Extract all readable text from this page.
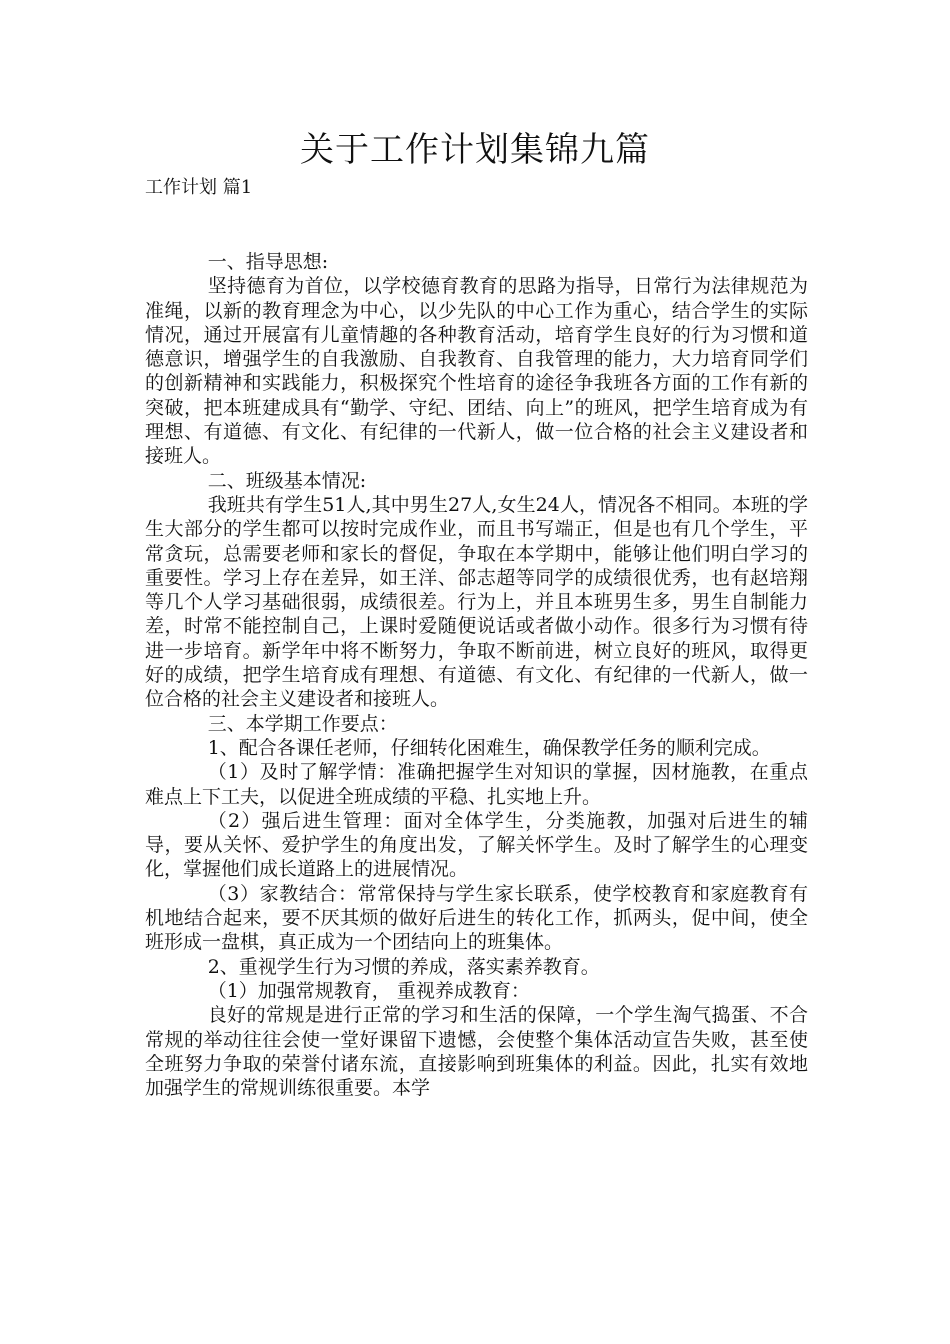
关于工作计划集锦九篇
工作计划 篇1

一、指导思想:

坚持德育为首位，以学校德育教育的思路为指导，日常行为法律规范为准绳，以新的教育理念为中心，以少先队的中心工作为重心，结合学生的实际情况，通过开展富有儿童情趣的各种教育活动，培育学生良好的行为习惯和道德意识，增强学生的自我激励、自我教育、自我管理的能力，大力培育同学们的创新精神和实践能力，积极探究个性培育的途径争我班各方面的工作有新的突破，把本班建成具有“勤学、守纪、团结、向上”的班风，把学生培育成为有理想、有道德、有文化、有纪律的一代新人，做一位合格的社会主义建设者和接班人。

二、班级基本情况:

我班共有学生51人,其中男生27人,女生24人，情况各不相同。本班的学生大部分的学生都可以按时完成作业，而且书写端正，但是也有几个学生，平常贪玩，总需要老师和家长的督促，争取在本学期中，能够让他们明白学习的重要性。学习上存在差异，如王洋、郃志超等同学的成绩很优秀，也有赵培翔等几个人学习基础很弱，成绩很差。行为上，并且本班男生多，男生自制能力差，时常不能控制自己，上课时爱随便说话或者做小动作。很多行为习惯有待进一步培育。新学年中将不断努力，争取不断前进，树立良好的班风，取得更好的成绩，把学生培育成有理想、有道德、有文化、有纪律的一代新人，做一位合格的社会主义建设者和接班人。

三、本学期工作要点：

1、配合各课任老师，仔细转化困难生，确保教学任务的顺利完成。

（1）及时了解学情：准确把握学生对知识的掌握，因材施教，在重点难点上下工夫，以促进全班成绩的平稳、扎实地上升。

（2）强后进生管理：面对全体学生，分类施教，加强对后进生的辅导，要从关怀、爱护学生的角度出发，了解关怀学生。及时了解学生的心理变化，掌握他们成长道路上的进展情况。

（3）家教结合：常常保持与学生家长联系，使学校教育和家庭教育有机地结合起来，要不厌其烦的做好后进生的转化工作，抓两头，促中间，使全班形成一盘棋，真正成为一个团结向上的班集体。

2、重视学生行为习惯的养成，落实素养教育。

（1）加强常规教育， 重视养成教育：

良好的常规是进行正常的学习和生活的保障，一个学生淘气捣蛋、不合常规的举动往往会使一堂好课留下遗憾，会使整个集体活动宣告失败，甚至使全班努力争取的荣誉付诸东流，直接影响到班集体的利益。因此，扎实有效地加强学生的常规训练很重要。本学
